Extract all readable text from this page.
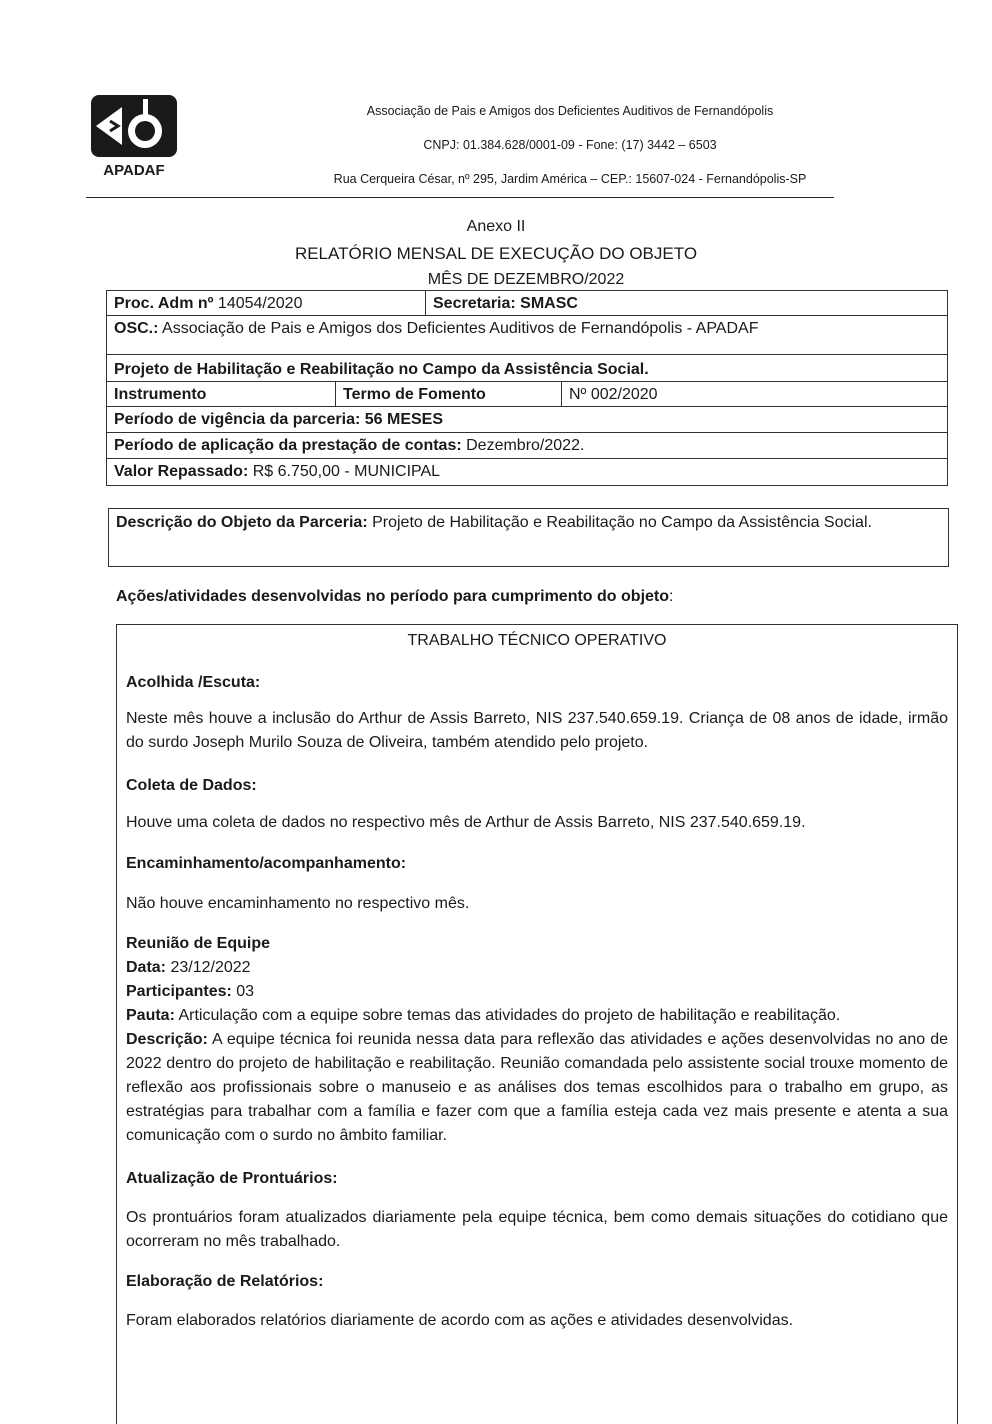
APADAF
Associação de Pais e Amigos dos Deficientes Auditivos de Fernandópolis
CNPJ: 01.384.628/0001-09 - Fone: (17) 3442 – 6503
Rua Cerqueira César, nº 295, Jardim América – CEP.: 15607-024 - Fernandópolis-SP
Anexo II
RELATÓRIO MENSAL DE EXECUÇÃO DO OBJETO
MÊS DE DEZEMBRO/2022
Proc. Adm nº 14054/2020	Secretaria: SMASC
OSC.: Associação de Pais e Amigos dos Deficientes Auditivos de Fernandópolis - APADAF
Projeto de Habilitação e Reabilitação no Campo da Assistência Social.
Instrumento	Termo de Fomento	Nº 002/2020
Período de vigência da parceria: 56 MESES
Período de aplicação da prestação de contas: Dezembro/2022.
Valor Repassado: R$ 6.750,00 - MUNICIPAL
Descrição do Objeto da Parceria: Projeto de Habilitação e Reabilitação no Campo da Assistência Social.
Ações/atividades desenvolvidas no período para cumprimento do objeto:
TRABALHO TÉCNICO OPERATIVO
Acolhida /Escuta:
Neste mês houve a inclusão do Arthur de Assis Barreto, NIS 237.540.659.19. Criança de 08 anos de idade, irmão do surdo Joseph Murilo Souza de Oliveira, também atendido pelo projeto.
Coleta de Dados:
Houve uma coleta de dados no respectivo mês de Arthur de Assis Barreto, NIS 237.540.659.19.
Encaminhamento/acompanhamento:
Não houve encaminhamento no respectivo mês.
Reunião de Equipe
Data: 23/12/2022
Participantes: 03
Pauta: Articulação com a equipe sobre temas das atividades do projeto de habilitação e reabilitação.
Descrição: A equipe técnica foi reunida nessa data para reflexão das atividades e ações desenvolvidas no ano de 2022 dentro do projeto de habilitação e reabilitação. Reunião comandada pelo assistente social trouxe momento de reflexão aos profissionais sobre o manuseio e as análises dos temas escolhidos para o trabalho em grupo, as estratégias para trabalhar com a família e fazer com que a família esteja cada vez mais presente e atenta a sua comunicação com o surdo no âmbito familiar.
Atualização de Prontuários:
Os prontuários foram atualizados diariamente pela equipe técnica, bem como demais situações do cotidiano que ocorreram no mês trabalhado.
Elaboração de Relatórios:
Foram elaborados relatórios diariamente de acordo com as ações e atividades desenvolvidas.
